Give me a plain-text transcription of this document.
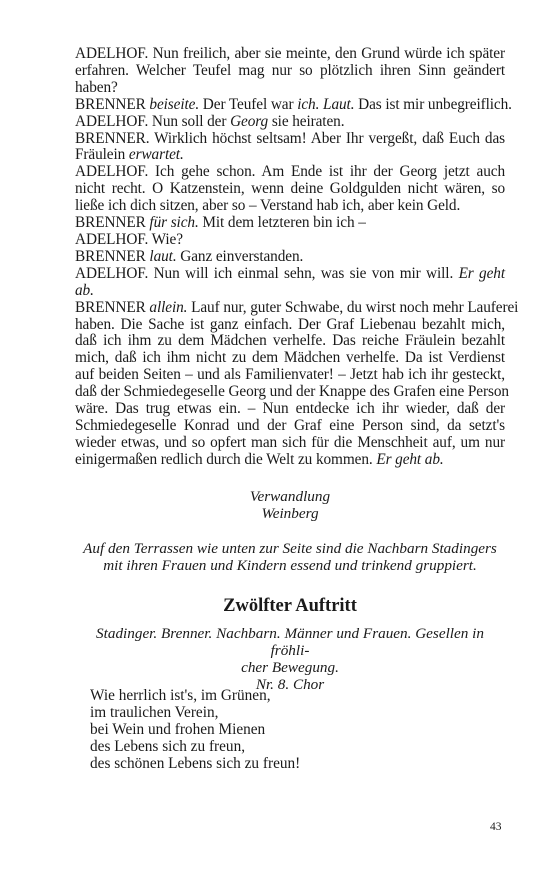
ADELHOF. Nun freilich, aber sie meinte, den Grund würde ich später
erfahren. Welcher Teufel mag nur so plötzlich ihren Sinn geändert
haben?
BRENNER beiseite. Der Teufel war ich. Laut. Das ist mir unbegreiflich.
ADELHOF. Nun soll der Georg sie heiraten.
BRENNER. Wirklich höchst seltsam! Aber Ihr vergeßt, daß Euch das
Fräulein erwartet.
ADELHOF. Ich gehe schon. Am Ende ist ihr der Georg jetzt auch
nicht recht. O Katzenstein, wenn deine Goldgulden nicht wären, so
ließe ich dich sitzen, aber so – Verstand hab ich, aber kein Geld.
BRENNER für sich. Mit dem letzteren bin ich –
ADELHOF. Wie?
BRENNER laut. Ganz einverstanden.
ADELHOF. Nun will ich einmal sehn, was sie von mir will. Er geht
ab.
BRENNER allein. Lauf nur, guter Schwabe, du wirst noch mehr Lauferei
haben. Die Sache ist ganz einfach. Der Graf Liebenau bezahlt mich,
daß ich ihm zu dem Mädchen verhelfe. Das reiche Fräulein bezahlt
mich, daß ich ihm nicht zu dem Mädchen verhelfe. Da ist Verdienst
auf beiden Seiten – und als Familienvater! – Jetzt hab ich ihr gesteckt,
daß der Schmiedegeselle Georg und der Knappe des Grafen eine Person
wäre. Das trug etwas ein. – Nun entdecke ich ihr wieder, daß der
Schmiedegeselle Konrad und der Graf eine Person sind, da setzt's
wieder etwas, und so opfert man sich für die Menschheit auf, um nur
einigermaßen redlich durch die Welt zu kommen. Er geht ab.
Verwandlung
Weinberg
Auf den Terrassen wie unten zur Seite sind die Nachbarn Stadingers
mit ihren Frauen und Kindern essend und trinkend gruppiert.
Zwölfter Auftritt
Stadinger. Brenner. Nachbarn. Männer und Frauen. Gesellen in fröhli-
cher Bewegung.
Nr. 8. Chor
Wie herrlich ist's, im Grünen,
im traulichen Verein,
bei Wein und frohen Mienen
des Lebens sich zu freun,
des schönen Lebens sich zu freun!
43
